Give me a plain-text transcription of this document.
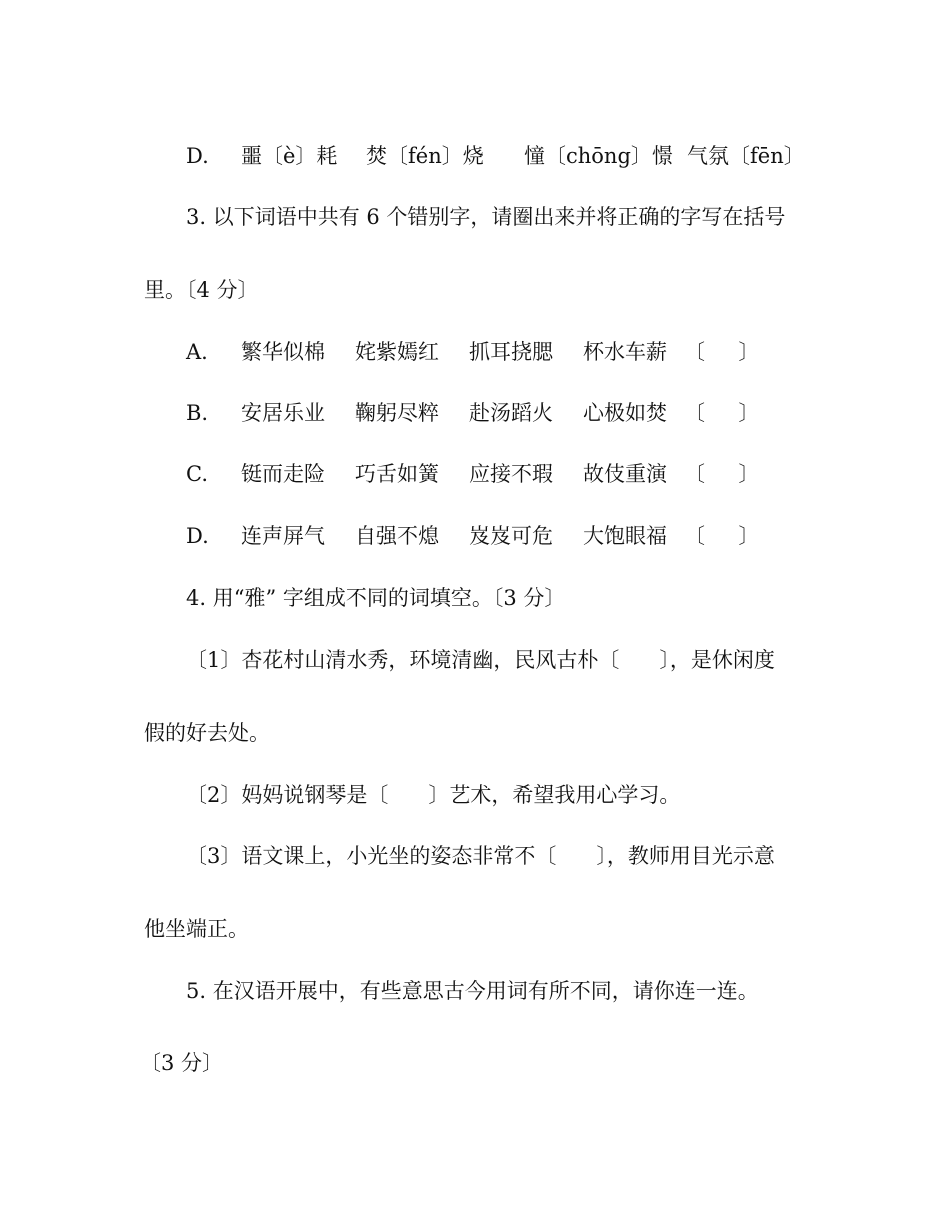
D.

噩〔è〕耗

焚〔fén〕烧

憧〔chōng〕憬

气氛〔fēn〕

3. 以下词语中共有 6 个错别字，请圈出来并将正确的字写在括号

里。〔4 分〕

A.

繁华似棉

姹紫嫣红

抓耳挠腮

杯水车薪

〔     〕

B.

安居乐业

鞠躬尽粹

赴汤蹈火

心极如焚

〔     〕

C.

铤而走险

巧舌如簧

应接不瑕

故伎重演

〔     〕

D.

连声屏气

自强不熄

岌岌可危

大饱眼福

〔     〕

4. 用“雅” 字组成不同的词填空。〔3 分〕

〔1〕杏花村山清水秀，环境清幽，民风古朴〔      〕，是休闲度

假的好去处。

〔2〕妈妈说钢琴是〔      〕艺术，希望我用心学习。

〔3〕语文课上，小光坐的姿态非常不〔      〕，教师用目光示意

他坐端正。

5. 在汉语开展中，有些意思古今用词有所不同，请你连一连。

〔3 分〕
